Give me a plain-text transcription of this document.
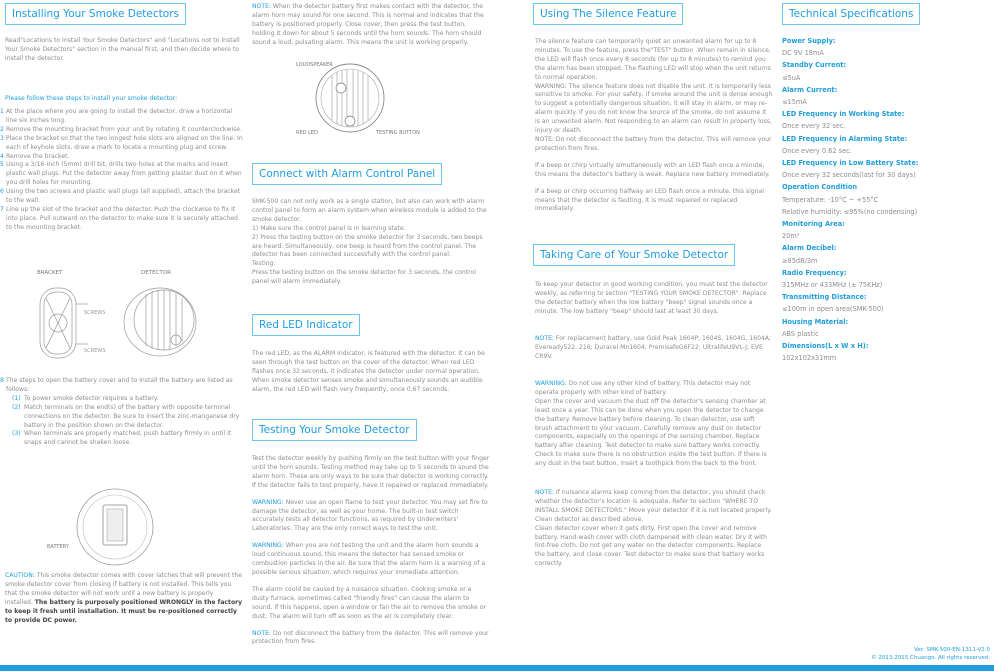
Installing Your Smoke Detectors
Read"Locations to Install Your Smoke Detectors" and "Locations not to Install Your Smoke Detectors" section in the manual first, and then decide where to install the detector.
Please follow these steps to install your smoke detector:
1 At the place where you are going to install the detector, draw a horizontal line six inches long.
2 Remove the mounting bracket from your unit by rotating it counterclockwise.
3 Place the bracket so that the two longest hole slots are aligned on the line. In each of keyhole slots, draw a mark to locate a mounting plug and screw.
4 Remove the bracket.
5 Using a 3/16-inch (5mm) drill bit, drills two holes at the marks and insert plastic wall plugs. Put the detector away from getting plaster dust on it when you drill holes for mounting.
6 Using the two screws and plastic wall plugs (all supplied), attach the bracket to the wall.
7 Line up the slot of the bracket and the detector. Push the clockwise to fix it into place. Pull outward on the detector to make sure it is securely attached to the mounting bracket.
BRACKET	DETECTOR
SCREWS
SCREWS
8 The steps to open the battery cover and to install the battery are listed as follows:
(1) To power smoke detector requires a battery.
(2) Match terminals on the end(s) of the battery with opposite terminal connections on the detector. Be sure to insert the zinc-manganese dry battery in the position shown on the detector.
(3) When terminals are properly matched, push battery firmly in until it snaps and cannot be shaken loose.
BATTERY
CAUTION: This smoke detector comes with cover latches that will prevent the smoke detector cover from closing if battery is not installed. This tells you that the smoke detector will not work until a new battery is properly installed. The battery is purposely positioned WRONGLY in the factory to keep it fresh until installation. It must be re-positioned correctly to provide DC power.
NOTE: When the detector battery first makes contact with the detector, the alarm horn may sound for one second. This is normal and indicates that the battery is positioned properly. Close cover, then press the test button, holding it down for about 5 seconds until the horn sounds. The horn should sound a loud, pulsating alarm. This means the unit is working properly.
LOUDSPEAKER
RED LED	TESTING BUTTON
Connect with Alarm Control Panel
SMK-500 can not only work as a single station, but also can work with alarm control panel to form an alarm system when wireless module is added to the smoke detector.
1) Make sure the control panel is in learning state.
2) Press the testing button on the smoke detector for 3 seconds, two beeps are heard. Simultaneously, one beep is heard from the control panel. The detector has been connected successfully with the control panel.
Testing:
Press the testing button on the smoke detector for 3 seconds, the control panel will alarm immediately.
Red LED Indicator
The red LED, as the ALARM indicator, is featured with the detector. It can be seen through the test button on the cover of the detector. When red LED flashes once 32 seconds, it indicates the detector under normal operation. When smoke detector senses smoke and simultaneously sounds an audible alarm, the red LED will flash very frequently, once 0.67 seconds.
Testing Your Smoke Detector

Test the detector weekly by pushing firmly on the test button with your finger until the horn sounds. Testing method may take up to 5 seconds to sound the alarm horn. These are only ways to be sure that detector is working correctly. If the detector fails to test properly, have it repaired or replaced immediately.

WARNING: Never use an open flame to test your detector. You may set fire to damage the detector, as well as your home. The built-in test switch accurately tests all detector functions, as required by Underwriters' Laboratories. They are the only correct ways to test the unit.

WARNING: When you are not testing the unit and the alarm horn sounds a loud continuous sound, this means the detector has sensed smoke or combustion particles in the air. Be sure that the alarm horn is a warning of a possible serious situation, which requires your immediate attention.

The alarm could be caused by a nuisance situation. Cooking smoke or a dusty furnace, sometimes called "friendly fires" can cause the alarm to sound. If this happens, open a window or fan the air to remove the smoke or dust. The alarm will turn off as soon as the air is completely clear.

NOTE: Do not disconnect the battery from the detector. This will remove your protection from fires.

Using The Silence Feature
The silence feature can temporarily quiet an unwanted alarm for up to 8 minutes. To use the feature, press the"TEST" button .When remain in silence, the LED will flash once every 8 seconds (for up to 8 minutes) to remind you the alarm has been stopped. The flashing LED will stop when the unit returns to normal operation.
WARNING: The silence feature does not disable the unit. It is temporarily less sensitive to smoke. For your safety, if smoke around the unit is dense enough to suggest a potentially dangerous situation, it will stay in alarm, or may re-alarm quickly. If you do not know the source of the smoke, do not assume it is an unwanted alarm. Not responding to an alarm can result in property loss, injury or death.

NOTE: Do not disconnect the battery from the detector. This will remove your protection from fires.

If a beep or chirp virtually simultaneously with an LED flash once a minute, this means the detector's battery is weak. Replace new battery immediately.

If a beep or chirp occurring halfway an LED flash once a minute, this signal means that the detector is faulting, it is must repaired or replaced immediately.

Taking Care of Your Smoke Detector
To keep your detector in good working condition, you must test the detector weekly, as referring to section "TESTING YOUR SMOKE DETECTOR". Replace the detector battery when the low battery "beep" signal sounds once a minute. The low battery "beep" should last at least 30 days.
NOTE: For replacement battery, use Gold Peak 1604P, 1604S, 1604G, 1604A; Eveready522, 216; Duracel Mn1604; PremisafeG6F22; UltralifeU9VL-J; EVE CR9V.
WARNING: Do not use any other kind of battery. This detector may not operate properly with other kind of battery.
Open the cover and vacuum the dust off the detector's sensing chamber at least once a year. This can be done when you open the detector to change the battery. Remove battery before cleaning. To clean detector, use soft brush attachment to your vacuum. Carefully remove any dust on detector components, especially on the openings of the sensing chamber. Replace battery after cleaning. Test detector to make sure battery works correctly. Check to make sure there is no obstruction inside the test button. If there is any dust in the test button, insert a toothpick from the back to the front.
NOTE: If nuisance alarms keep coming from the detector, you should check whether the detector's location is adequate. Refer to section "WHERE TO INSTALL SMOKE DETECTORS." Move your detector if it is not located properly. Clean detector as described above.
Clean detector cover when it gets dirty. First open the cover and remove battery. Hand-wash cover with cloth dampened with clean water. Dry it with lint-free cloth. Do not get any water on the detector components. Replace the battery, and close cover. Test detector to make sure that battery works correctly.
Technical Specifications
Power Supply:
DC 9V 18mA
Standby Current:
≤5uA
Alarm Current:
≤15mA
LED Frequency in Working State:
Once every 32 sec.
LED Frequency in Alarming State:
Once every 0.62 sec.
LED Frequency in Low Battery State:
Once every 32 seconds(last for 30 days)
Operation Condition
Temperature: -10°C ~ +55°C
Relative humidity: ≤95%(no condensing)
Monitoring Area:
20m²
Alarm Decibel:
≥85dB/3m
Radio Frequency:
315MHz or 433MHz (± 75KHz)
Transmitting Distance:
≤100m in open area(SMK-500)
Housing Material:
ABS plastic
Dimensions(L x W x H):
102x102x31mm
Ver: SMK-500-EN-1311-V2.0
© 2013-2015 Chuango. All rights reserved.
